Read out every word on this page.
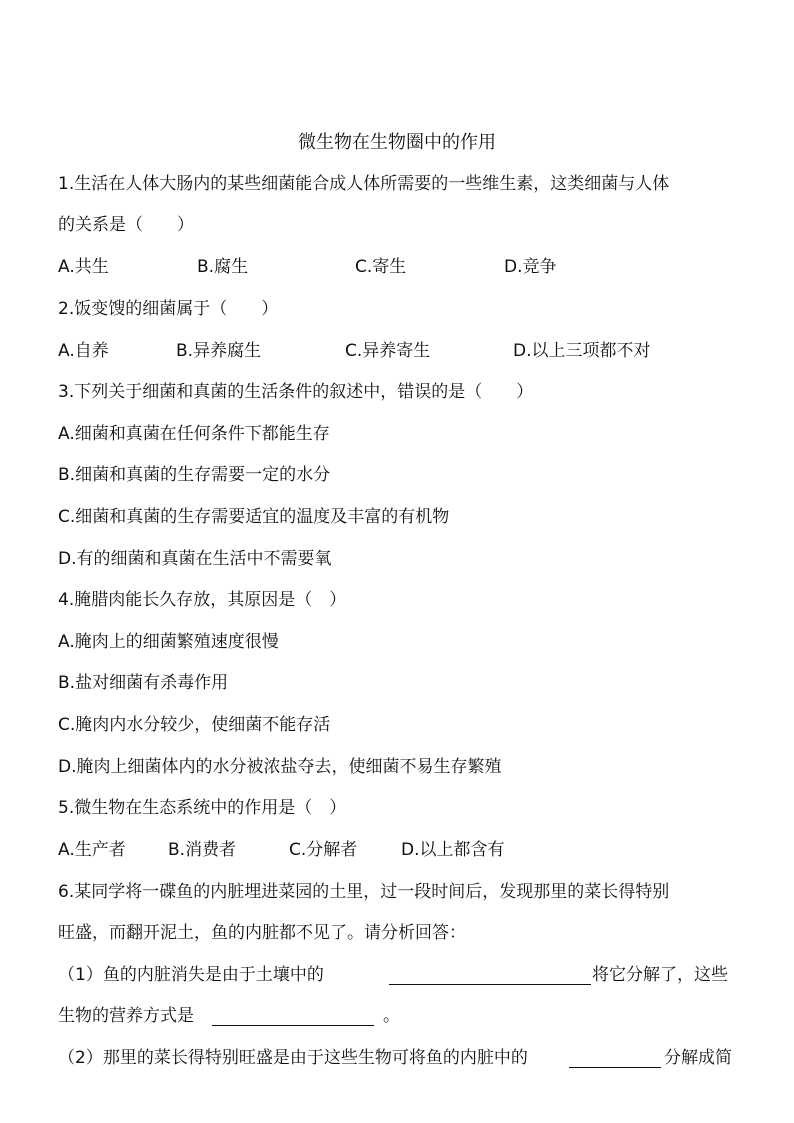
微生物在生物圈中的作用
1.生活在人体大肠内的某些细菌能合成人体所需要的一些维生素，这类细菌与人体
的关系是（　　）
A.共生	B.腐生	C.寄生	D.竞争
2.饭变馊的细菌属于（　　）
A.自养	B.异养腐生	C.异养寄生	D.以上三项都不对
3.下列关于细菌和真菌的生活条件的叙述中，错误的是（　　）
A.细菌和真菌在任何条件下都能生存
B.细菌和真菌的生存需要一定的水分
C.细菌和真菌的生存需要适宜的温度及丰富的有机物
D.有的细菌和真菌在生活中不需要氧
4.腌腊肉能长久存放，其原因是（　）
A.腌肉上的细菌繁殖速度很慢
B.盐对细菌有杀毒作用
C.腌肉内水分较少，使细菌不能存活
D.腌肉上细菌体内的水分被浓盐夺去，使细菌不易生存繁殖
5.微生物在生态系统中的作用是（　）
A.生产者 B.消费者	C.分解者	D.以上都含有
6.某同学将一碟鱼的内脏埋进菜园的土里，过一段时间后，发现那里的菜长得特别
旺盛，而翻开泥土，鱼的内脏都不见了。请分析回答：
（1）鱼的内脏消失是由于土壤中的	将它分解了，这些
生物的营养方式是	。
（2）那里的菜长得特别旺盛是由于这些生物可将鱼的内脏中的	分解成简
